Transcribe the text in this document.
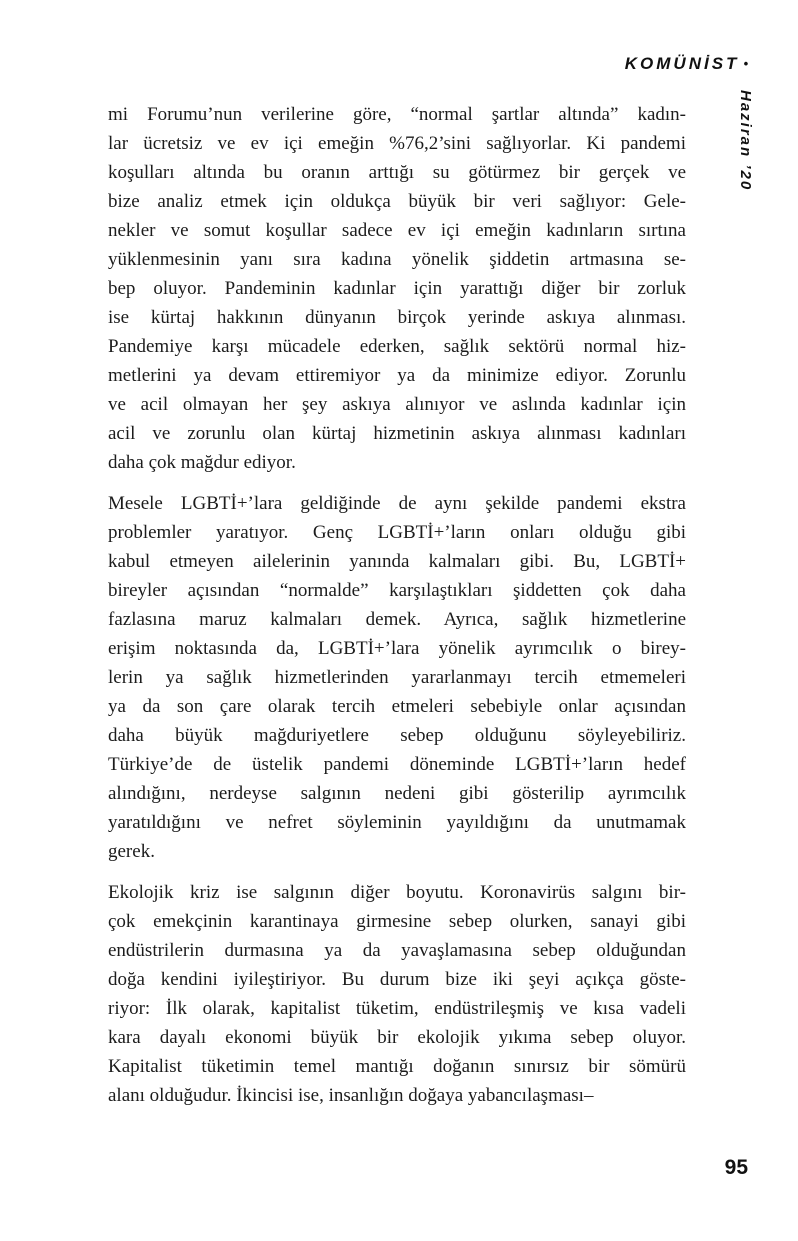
KOMÜNİST •
Haziran ’20
mi Forumu’nun verilerine göre, “normal şartlar altında” kadın-
lar ücretsiz ve ev içi emeğin %76,2’sini sağlıyorlar. Ki pandemi
koşulları altında bu oranın arttığı su götürmez bir gerçek ve
bize analiz etmek için oldukça büyük bir veri sağlıyor: Gele-
nekler ve somut koşullar sadece ev içi emeğin kadınların sırtına
yüklenmesinin yanı sıra kadına yönelik şiddetin artmasına se-
bep oluyor. Pandeminin kadınlar için yarattığı diğer bir zorluk
ise kürtaj hakkının dünyanın birçok yerinde askıya alınması.
Pandemiye karşı mücadele ederken, sağlık sektörü normal hiz-
metlerini ya devam ettiremiyor ya da minimize ediyor. Zorunlu
ve acil olmayan her şey askıya alınıyor ve aslında kadınlar için
acil ve zorunlu olan kürtaj hizmetinin askıya alınması kadınları
daha çok mağdur ediyor.
Mesele LGBTİ+’lara geldiğinde de aynı şekilde pandemi ekstra
problemler yaratıyor. Genç LGBTİ+’ların onları olduğu gibi
kabul etmeyen ailelerinin yanında kalmaları gibi. Bu, LGBTİ+
bireyler açısından “normalde” karşılaştıkları şiddetten çok daha
fazlasına maruz kalmaları demek. Ayrıca, sağlık hizmetlerine
erişim noktasında da, LGBTİ+’lara yönelik ayrımcılık o birey-
lerin ya sağlık hizmetlerinden yararlanmayı tercih etmemeleri
ya da son çare olarak tercih etmeleri sebebiyle onlar açısından
daha büyük mağduriyetlere sebep olduğunu söyleyebiliriz.
Türkiye’de de üstelik pandemi döneminde LGBTİ+’ların hedef
alındığını, nerdeyse salgının nedeni gibi gösterilip ayrımcılık
yaratıldığını ve nefret söyleminin yayıldığını da unutmamak
gerek.
Ekolojik kriz ise salgının diğer boyutu. Koronavirüs salgını bir-
çok emekçinin karantinaya girmesine sebep olurken, sanayi gibi
endüstrilerin durmasına ya da yavaşlamasına sebep olduğundan
doğa kendini iyileştiriyor. Bu durum bize iki şeyi açıkça göste-
riyor: İlk olarak, kapitalist tüketim, endüstrileşmiş ve kısa vadeli
kara dayalı ekonomi büyük bir ekolojik yıkıma sebep oluyor.
Kapitalist tüketimin temel mantığı doğanın sınırsız bir sömürü
alanı olduğudur. İkincisi ise, insanlığın doğaya yabancılaşması–
95
